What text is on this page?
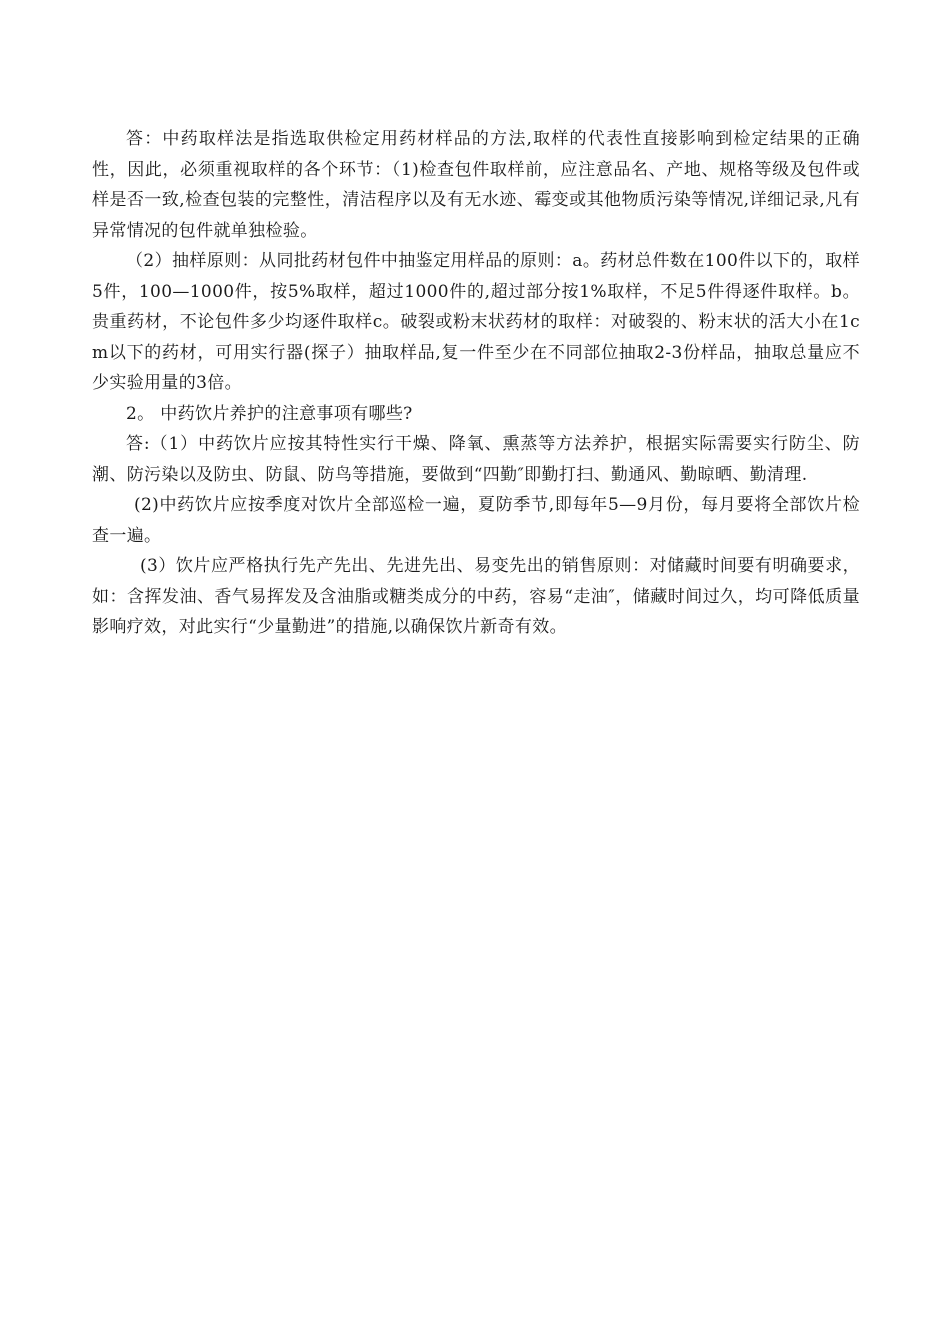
答：中药取样法是指选取供检定用药材样品的方法,取样的代表性直接影响到检定结果的正确性，因此，必须重视取样的各个环节：（1)检查包件取样前，应注意品名、产地、规格等级及包件或样是否一致,检查包装的完整性，清洁程序以及有无水迹、霉变或其他物质污染等情况,详细记录,凡有异常情况的包件就单独检验。

（2）抽样原则：从同批药材包件中抽鉴定用样品的原则：a。药材总件数在100件以下的，取样5件，100—1000件，按5%取样，超过1000件的,超过部分按1%取样，不足5件得逐件取样。b。贵重药材，不论包件多少均逐件取样c。破裂或粉末状药材的取样：对破裂的、粉末状的活大小在1cm以下的药材，可用实行器(探子）抽取样品,复一件至少在不同部位抽取2-3份样品，抽取总量应不少实验用量的3倍。

2。 中药饮片养护的注意事项有哪些?

答:（1）中药饮片应按其特性实行干燥、降氧、熏蒸等方法养护，根据实际需要实行防尘、防潮、防污染以及防虫、防鼠、防鸟等措施，要做到“四勤″即勤打扫、勤通风、勤晾晒、勤清理.

(2)中药饮片应按季度对饮片全部巡检一遍，夏防季节,即每年5—9月份，每月要将全部饮片检查一遍。

(3）饮片应严格执行先产先出、先进先出、易变先出的销售原则：对储藏时间要有明确要求，如：含挥发油、香气易挥发及含油脂或糖类成分的中药，容易“走油″，储藏时间过久，均可降低质量影响疗效，对此实行“少量勤进”的措施,以确保饮片新奇有效。
